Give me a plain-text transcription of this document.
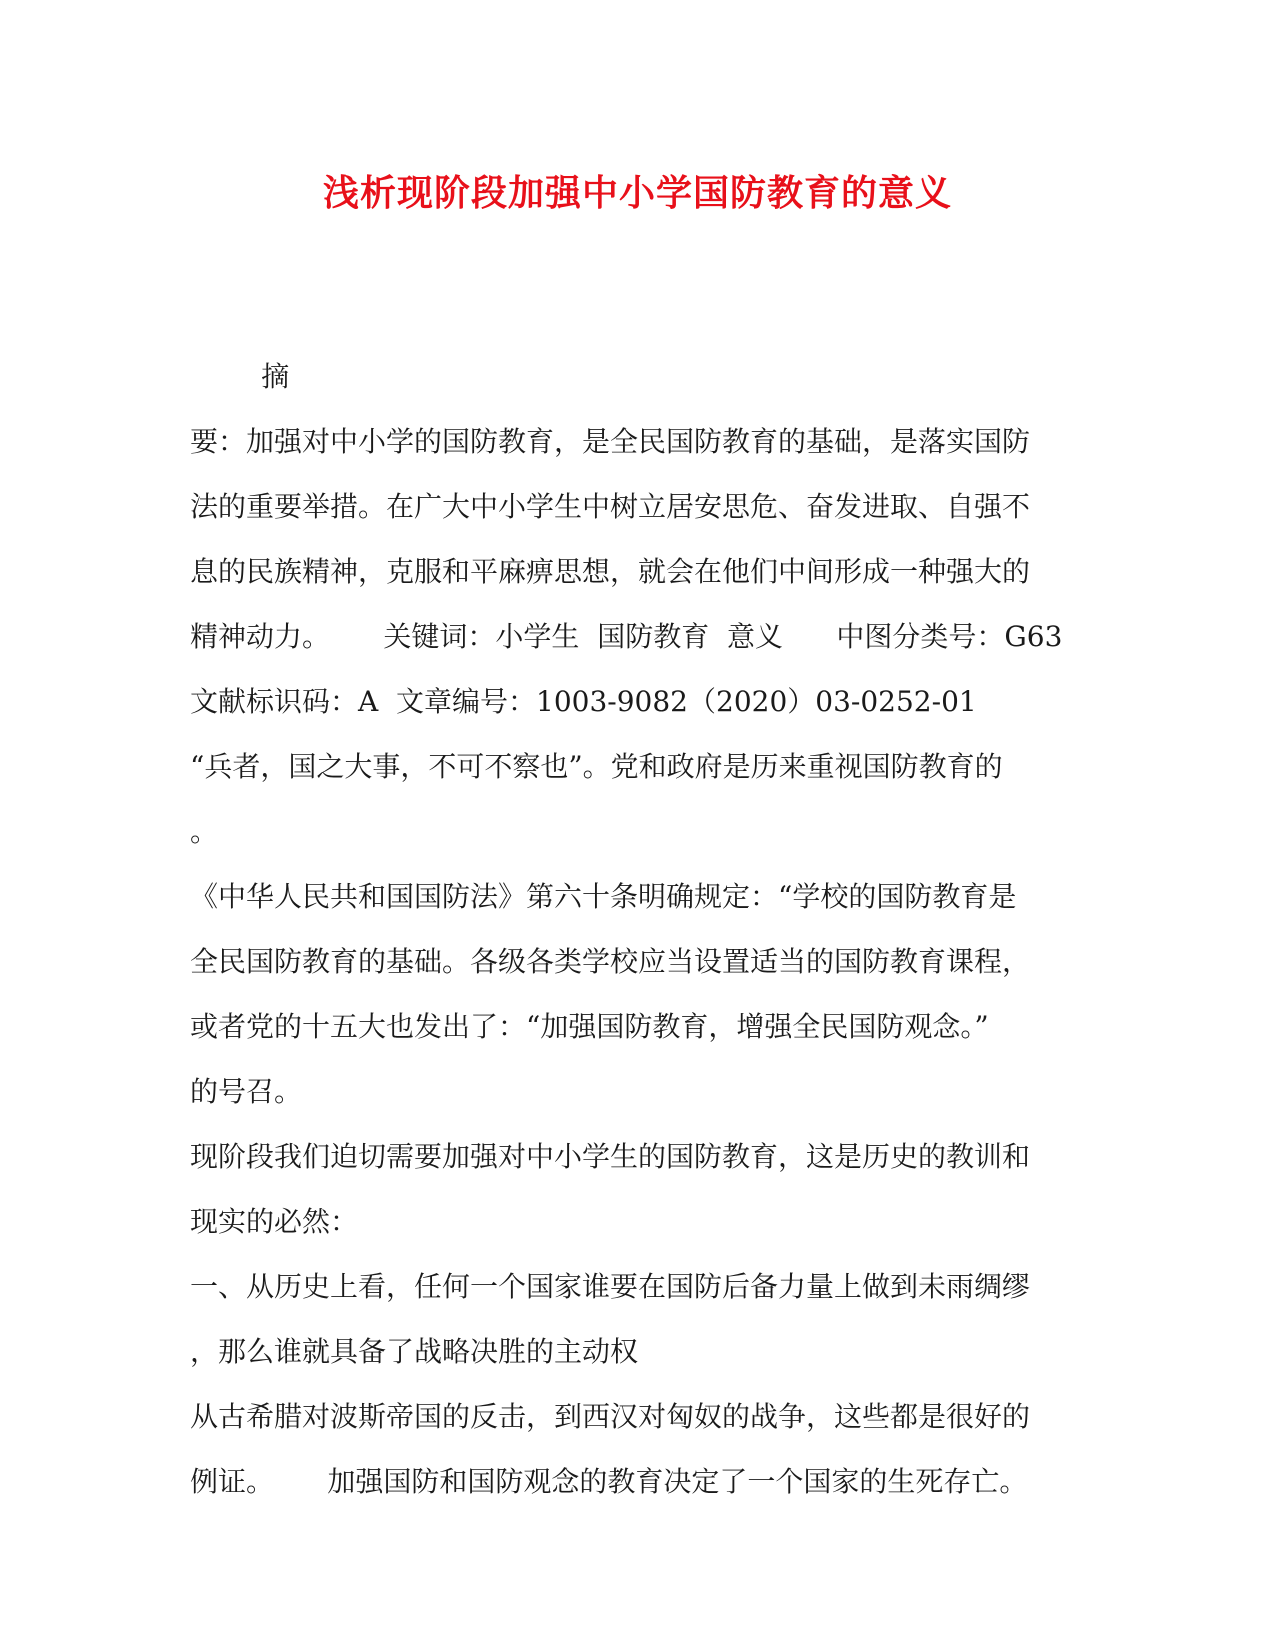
浅析现阶段加强中小学国防教育的意义
摘
要：加强对中小学的国防教育，是全民国防教育的基础，是落实国防
法的重要举措。在广大中小学生中树立居安思危、奋发进取、自强不
息的民族精神，克服和平麻痹思想，就会在他们中间形成一种强大的
精神动力。      关键词：小学生  国防教育  意义      中图分类号：G63
文献标识码：A  文章编号：1003-9082（2020）03-0252-01
“兵者，国之大事，不可不察也”。党和政府是历来重视国防教育的
。
《中华人民共和国国防法》第六十条明确规定：“学校的国防教育是
全民国防教育的基础。各级各类学校应当设置适当的国防教育课程，
或者党的十五大也发出了：“加强国防教育，增强全民国防观念。”
的号召。
现阶段我们迫切需要加强对中小学生的国防教育，这是历史的教训和
现实的必然：
一、从历史上看，任何一个国家谁要在国防后备力量上做到未雨绸缪
，那么谁就具备了战略决胜的主动权
从古希腊对波斯帝国的反击，到西汉对匈奴的战争，这些都是很好的
例证。      加强国防和国防观念的教育决定了一个国家的生死存亡。
